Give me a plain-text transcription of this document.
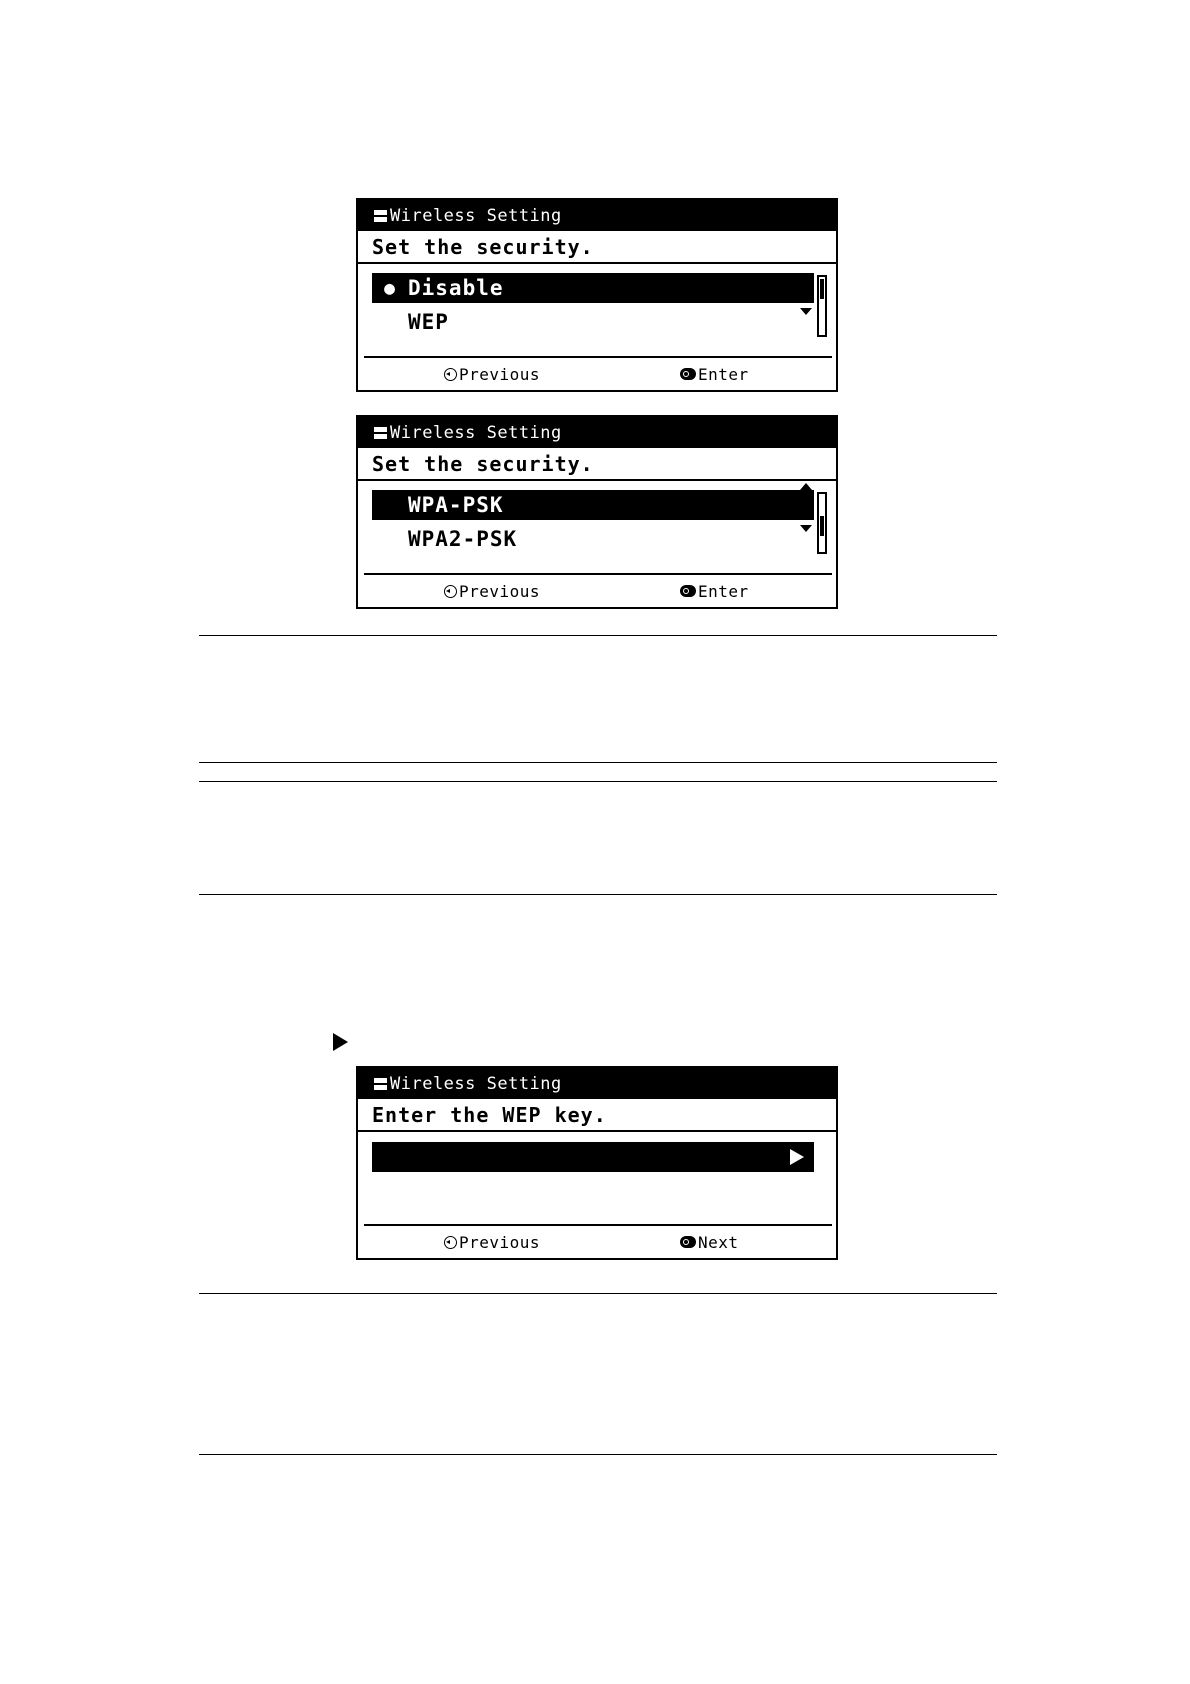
Wireless Setting
Set the security.
● Disable
WEP
Previous	Enter
Wireless Setting
Set the security.
WPA-PSK
WPA2-PSK
Previous	Enter
Wireless Setting
Enter the WEP key.
Previous	Next
